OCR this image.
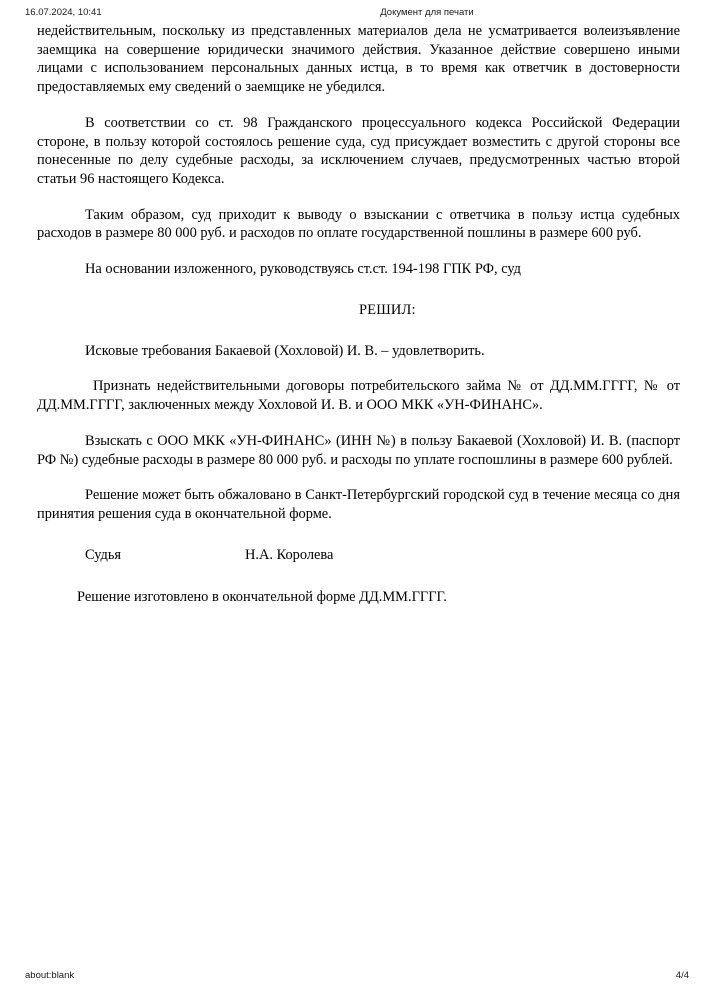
16.07.2024, 10:41	Документ для печати

недействительным, поскольку из представленных материалов дела не усматривается волеизъявление заемщика на совершение юридически значимого действия. Указанное действие совершено иными лицами с использованием персональных данных истца, в то время как ответчик в достоверности предоставляемых ему сведений о заемщике не убедился.

В соответствии со ст. 98 Гражданского процессуального кодекса Российской Федерации стороне, в пользу которой состоялось решение суда, суд присуждает возместить с другой стороны все понесенные по делу судебные расходы, за исключением случаев, предусмотренных частью второй статьи 96 настоящего Кодекса.

Таким образом, суд приходит к выводу о взыскании с ответчика в пользу истца судебных расходов в размере 80 000 руб. и расходов по оплате государственной пошлины в размере 600 руб.

На основании изложенного, руководствуясь ст.ст. 194-198 ГПК РФ, суд

РЕШИЛ:

Исковые требования Бакаевой (Хохловой) И. В. – удовлетворить.

Признать недействительными договоры потребительского займа № от ДД.ММ.ГГГГ, № от ДД.ММ.ГГГГ, заключенных между Хохловой И. В. и ООО МКК «УН-ФИНАНС».

Взыскать с ООО МКК «УН-ФИНАНС» (ИНН №) в пользу Бакаевой (Хохловой) И. В. (паспорт РФ №) судебные расходы в размере 80 000 руб. и расходы по уплате госпошлины в размере 600 рублей.

Решение может быть обжаловано в Санкт-Петербургский городской суд в течение месяца со дня принятия решения суда в окончательной форме.

Судья	Н.А. Королева

Решение изготовлено в окончательной форме ДД.ММ.ГГГГ.

about:blank	4/4
